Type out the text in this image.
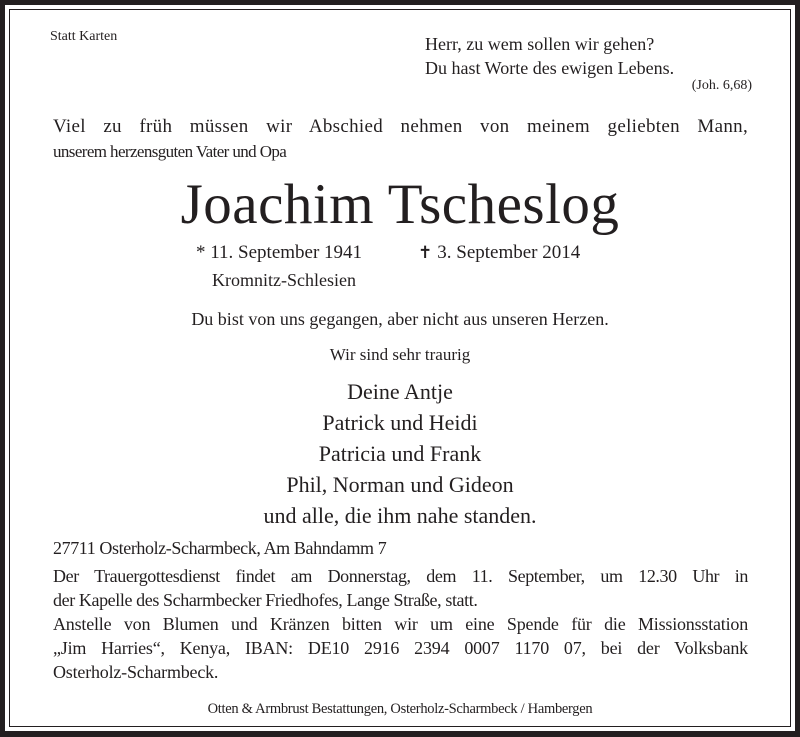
Statt Karten	Herr, zu wem sollen wir gehen?
Du hast Worte des ewigen Lebens.
(Joh. 6,68)
Viel zu früh müssen wir Abschied nehmen von meinem geliebten Mann,
unserem herzensguten Vater und Opa
Joachim Tscheslog
* 11. September 1941	✝ 3. September 2014
Kromnitz-Schlesien
Du bist von uns gegangen, aber nicht aus unseren Herzen.
Wir sind sehr traurig
Deine Antje
Patrick und Heidi
Patricia und Frank
Phil, Norman und Gideon
und alle, die ihm nahe standen.
27711 Osterholz-Scharmbeck, Am Bahndamm 7
Der Trauergottesdienst findet am Donnerstag, dem 11. September, um 12.30 Uhr in
der Kapelle des Scharmbecker Friedhofes, Lange Straße, statt.
Anstelle von Blumen und Kränzen bitten wir um eine Spende für die Missionsstation
„Jim Harries“, Kenya, IBAN: DE10 2916 2394 0007 1170 07, bei der Volksbank
Osterholz-Scharmbeck.
Otten & Armbrust Bestattungen, Osterholz-Scharmbeck / Hambergen
